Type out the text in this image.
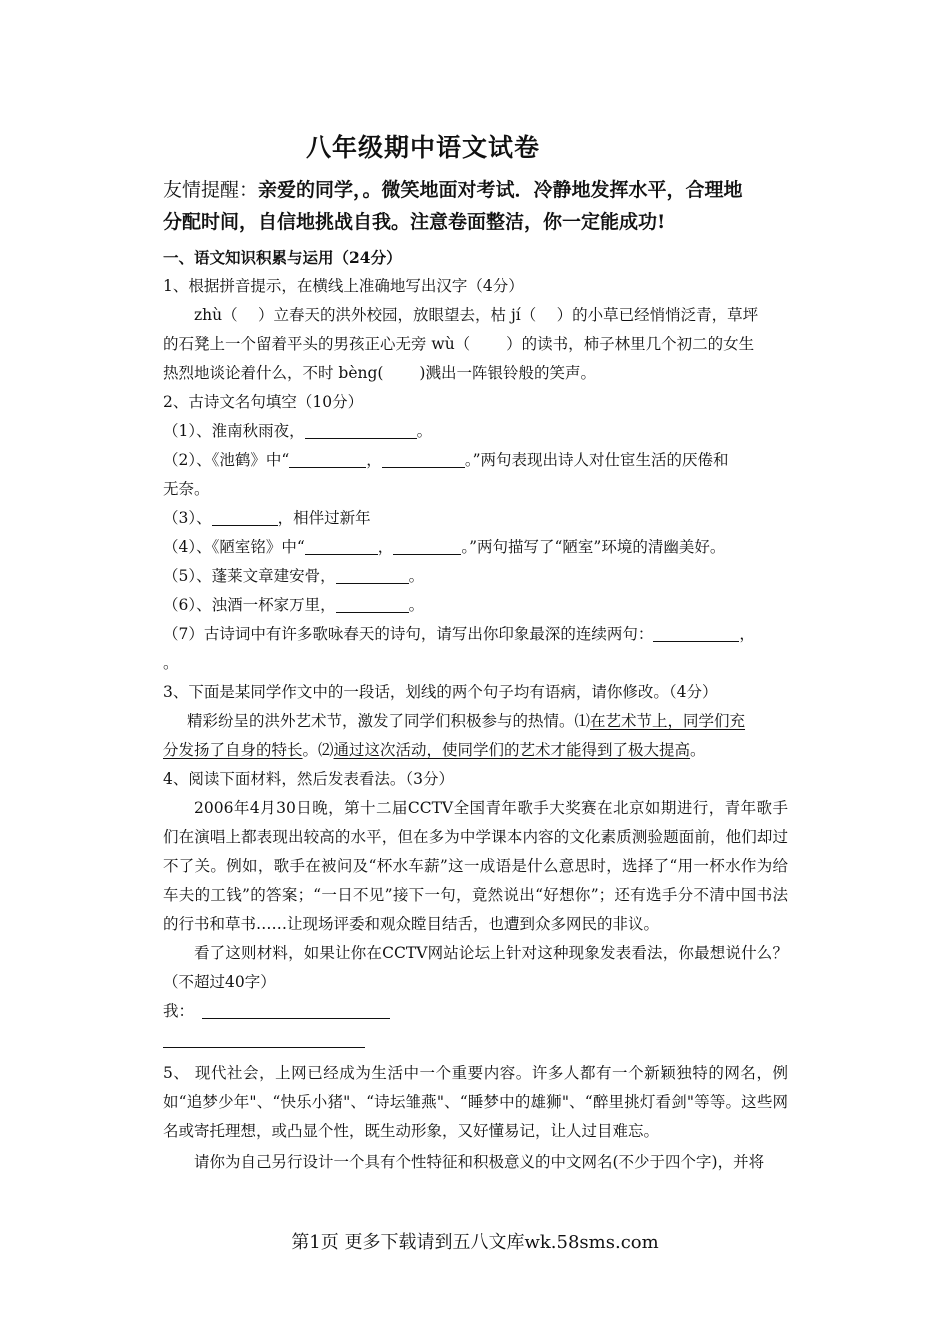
八年级期中语文试卷
友情提醒：亲爱的同学，。微笑地面对考试．冷静地发挥水平，合理地
分配时间，自信地挑战自我。注意卷面整洁，你一定能成功!
一、语文知识积累与运用（24分）
1、根据拼音提示，在横线上准确地写出汉字（4分）
zhù（　 ）立春天的洪外校园，放眼望去，枯 jí（　 ）的小草已经悄悄泛青，草坪
的石凳上一个留着平头的男孩正心无旁 wù（　　 ）的读书，柿子林里几个初二的女生
热烈地谈论着什么，不时 bèng(　　 )溅出一阵银铃般的笑声。
2、古诗文名句填空（10分）
（1）、淮南秋雨夜，	。
（2）、《池鹤》中“	，	。”两句表现出诗人对仕宦生活的厌倦和
无奈。
（3）、	，相伴过新年
（4）、《陋室铭》中“	，	。”两句描写了“陋室”环境的清幽美好。
（5）、蓬莱文章建安骨，	。
（6）、浊酒一杯家万里，	。
（7）古诗词中有许多歌咏春天的诗句，请写出你印象最深的连续两句：	，
。
3、下面是某同学作文中的一段话，划线的两个句子均有语病，请你修改。（4分）
精彩纷呈的洪外艺术节，激发了同学们积极参与的热情。⑴在艺术节上，同学们充
分发扬了自身的特长。⑵通过这次活动，使同学们的艺术才能得到了极大提高。
4、阅读下面材料，然后发表看法。（3分）
2006年4月30日晚，第十二届CCTV全国青年歌手大奖赛在北京如期进行，青年歌手们在演唱上都表现出较高的水平，但在多为中学课本内容的文化素质测验题面前，他们却过不了关。例如，歌手在被问及“杯水车薪”这一成语是什么意思时，选择了“用一杯水作为给车夫的工钱”的答案；“一日不见”接下一句，竟然说出“好想你”；还有选手分不清中国书法的行书和草书……让现场评委和观众瞠目结舌，也遭到众多网民的非议。
看了这则材料，如果让你在CCTV网站论坛上针对这种现象发表看法，你最想说什么？（不超过40字）
我：
5、 现代社会，上网已经成为生活中一个重要内容。许多人都有一个新颖独特的网名，例如“追梦少年"、“快乐小猪"、“诗坛雏燕"、“睡梦中的雄狮"、“醉里挑灯看剑"等等。这些网名或寄托理想，或凸显个性，既生动形象，又好懂易记，让人过目难忘。
请你为自己另行设计一个具有个性特征和积极意义的中文网名(不少于四个字)，并将
第1页 更多下载请到五八文库wk.58sms.com
